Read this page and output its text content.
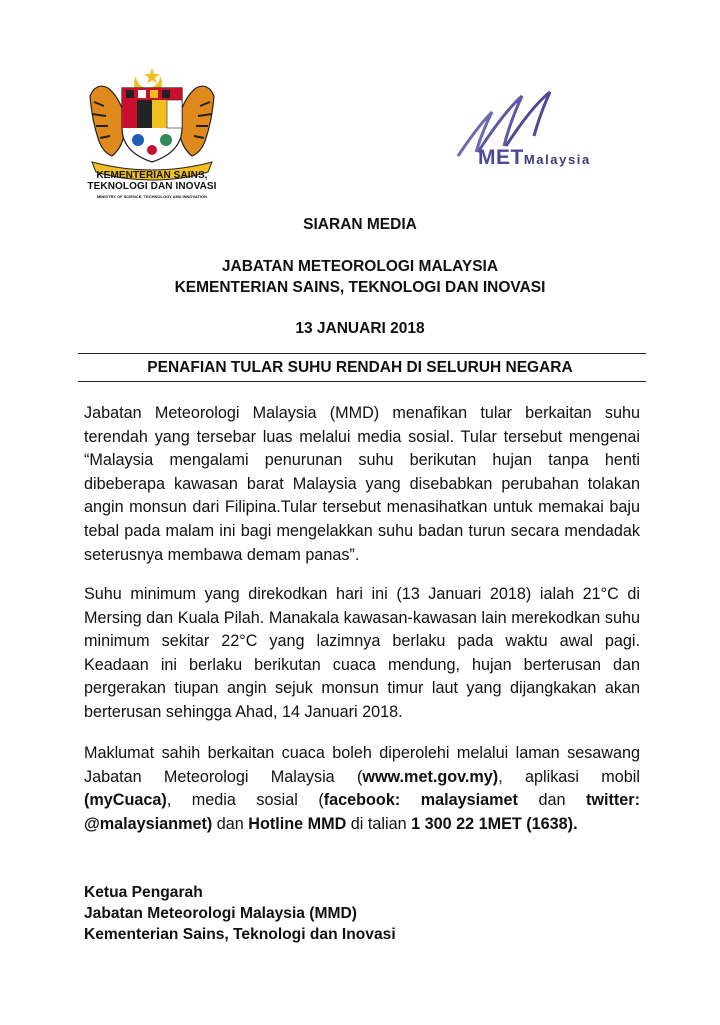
KEMENTERIAN SAINS,
TEKNOLOGI DAN INOVASI
MINISTRY OF SCIENCE, TECHNOLOGY AND INNOVATION
METMalaysia
SIARAN MEDIA
JABATAN METEOROLOGI MALAYSIA
KEMENTERIAN SAINS, TEKNOLOGI DAN INOVASI
13 JANUARI 2018
PENAFIAN TULAR SUHU RENDAH DI SELURUH NEGARA
Jabatan Meteorologi Malaysia (MMD) menafikan tular berkaitan suhu terendah yang tersebar luas melalui media sosial. Tular tersebut mengenai “Malaysia mengalami penurunan suhu berikutan hujan tanpa henti dibeberapa kawasan barat Malaysia yang disebabkan perubahan tolakan angin monsun dari Filipina.Tular tersebut menasihatkan untuk memakai baju tebal pada malam ini bagi mengelakkan suhu badan turun secara mendadak seterusnya membawa demam panas”.
Suhu minimum yang direkodkan hari ini (13 Januari 2018) ialah 21°C di Mersing dan Kuala Pilah. Manakala kawasan-kawasan lain merekodkan suhu minimum sekitar 22°C yang lazimnya berlaku pada waktu awal pagi. Keadaan ini berlaku berikutan cuaca mendung, hujan berterusan dan pergerakan tiupan angin sejuk monsun timur laut yang dijangkakan akan berterusan sehingga Ahad, 14 Januari 2018.
Maklumat sahih berkaitan cuaca boleh diperolehi melalui laman sesawang Jabatan Meteorologi Malaysia (www.met.gov.my), aplikasi mobil (myCuaca), media sosial (facebook: malaysiamet dan twitter: @malaysianmet) dan Hotline MMD di talian 1 300 22 1MET (1638).
Ketua Pengarah
Jabatan Meteorologi Malaysia (MMD)
Kementerian Sains, Teknologi dan Inovasi
